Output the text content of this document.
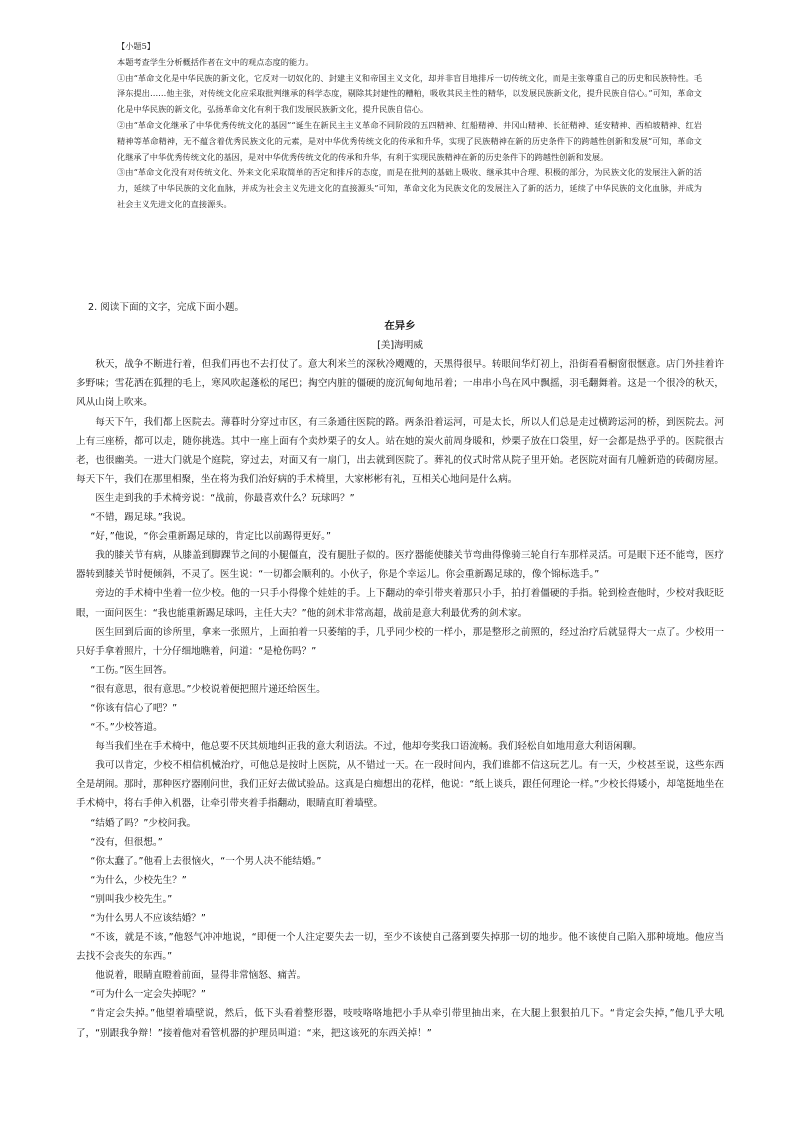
【小题5】

本题考查学生分析概括作者在文中的观点态度的能力。

①由“革命文化是中华民族的新文化，它反对一切奴化的、封建主义和帝国主义文化，却并非盲目地排斥一切传统文化，而是主张尊重自己的历史和民族特性。毛泽东提出……他主张，对传统文化应采取批判继承的科学态度，剔除其封建性的糟粕，吸收其民主性的精华，以发展民族新文化，提升民族自信心。”可知，革命文化是中华民族的新文化，弘扬革命文化有利于我们发展民族新文化，提升民族自信心。

②由“革命文化继承了中华优秀传统文化的基因”“诞生在新民主主义革命不同阶段的五四精神、红船精神、井冈山精神、长征精神、延安精神、西柏坡精神、红岩精神等革命精神，无不蕴含着优秀民族文化的元素，是对中华优秀传统文化的传承和升华，实现了民族精神在新的历史条件下的跨越性创新和发展”可知，革命文化继承了中华优秀传统文化的基因，是对中华优秀传统文化的传承和升华，有利于实现民族精神在新的历史条件下的跨越性创新和发展。

③由“革命文化没有对传统文化、外来文化采取简单的否定和排斥的态度，而是在批判的基础上吸收、继承其中合理、积极的部分，为民族文化的发展注入新的活力，延续了中华民族的文化血脉，并成为社会主义先进文化的直接源头”可知，革命文化为民族文化的发展注入了新的活力，延续了中华民族的文化血脉，并成为社会主义先进文化的直接源头。

2. 阅读下面的文字，完成下面小题。

在异乡

[美]海明威

秋天，战争不断进行着，但我们再也不去打仗了。意大利米兰的深秋冷飕飕的，天黑得很早。转眼间华灯初上，沿街看看橱窗很惬意。店门外挂着许多野味；雪花洒在狐狸的毛上，寒风吹起蓬松的尾巴；掏空内脏的僵硬的庞沉甸甸地吊着；一串串小鸟在风中飘摇，羽毛翻舞着。这是一个很冷的秋天，风从山岗上吹来。

每天下午，我们都上医院去。薄暮时分穿过市区，有三条通往医院的路。两条沿着运河，可是太长，所以人们总是走过横跨运河的桥，到医院去。河上有三座桥，都可以走，随你挑选。其中一座上面有个卖炒栗子的女人。站在她的炭火前周身暖和，炒栗子放在口袋里，好一会都是热乎乎的。医院很古老，也很幽美。一进大门就是个庭院，穿过去，对面又有一扇门，出去就到医院了。葬礼的仪式时常从院子里开始。老医院对面有几幢新造的砖砌房屋。每天下午，我们在那里相聚，坐在将为我们治好病的手术椅里，大家彬彬有礼，互相关心地问是什么病。

医生走到我的手术椅旁说：“战前，你最喜欢什么？玩球吗？”

“不错，踢足球。”我说。

“好，”他说，“你会重新踢足球的，肯定比以前踢得更好。”

我的膝关节有病，从膝盖到脚踝节之间的小腿僵直，没有腿肚子似的。医疗器能使膝关节弯曲得像骑三轮自行车那样灵活。可是眼下还不能弯，医疗器转到膝关节时便倾斜，不灵了。医生说：“一切都会顺利的。小伙子，你是个幸运儿。你会重新踢足球的，像个锦标选手。”

旁边的手术椅中坐着一位少校。他的一只手小得像个娃娃的手。上下翻动的牵引带夹着那只小手，拍打着僵硬的手指。轮到检查他时，少校对我眨眨眼，一面问医生：“我也能重新踢足球吗，主任大夫？”他的剑术非常高超，战前是意大利最优秀的剑术家。

医生回到后面的诊所里，拿来一张照片，上面拍着一只萎缩的手，几乎同少校的一样小，那是整形之前照的，经过治疗后就显得大一点了。少校用一只好手拿着照片，十分仔细地瞧着，问道：“是枪伤吗？”

“工伤。”医生回答。

“很有意思，很有意思。”少校说着便把照片递还给医生。

“你该有信心了吧？”

“不。”少校答道。

每当我们坐在手术椅中，他总要不厌其烦地纠正我的意大利语法。不过，他却夸奖我口语流畅。我们轻松自如地用意大利语闲聊。

我可以肯定，少校不相信机械治疗，可他总是按时上医院，从不错过一天。在一段时间内，我们谁都不信这玩艺儿。有一天，少校甚至说，这些东西全是胡闹。那时，那种医疗器刚问世，我们正好去做试验品。这真是白痴想出的花样，他说：“纸上谈兵，跟任何理论一样。”少校长得矮小，却笔挺地坐在手术椅中，将右手伸入机器，让牵引带夹着手指翻动，眼睛直盯着墙壁。

“结婚了吗？”少校问我。

“没有，但很想。”

“你太蠢了。”他看上去很恼火，“一个男人决不能结婚。”

“为什么，少校先生？”

“别叫我少校先生。”

“为什么男人不应该结婚？”

“不该，就是不该，”他怒气冲冲地说，“即便一个人注定要失去一切，至少不该使自己落到要失掉那一切的地步。他不该使自己陷入那种境地。他应当去找不会丧失的东西。”

他说着，眼睛直瞪着前面，显得非常恼怒、痛苦。

“可为什么一定会失掉呢？”

“肯定会失掉。”他望着墙壁说，然后，低下头看着整形器，吱吱咯咯地把小手从牵引带里抽出来，在大腿上狠狠拍几下。“肯定会失掉，”他几乎大吼了，“别跟我争辩！”接着他对看管机器的护理员叫道：“来，把这该死的东西关掉！”
